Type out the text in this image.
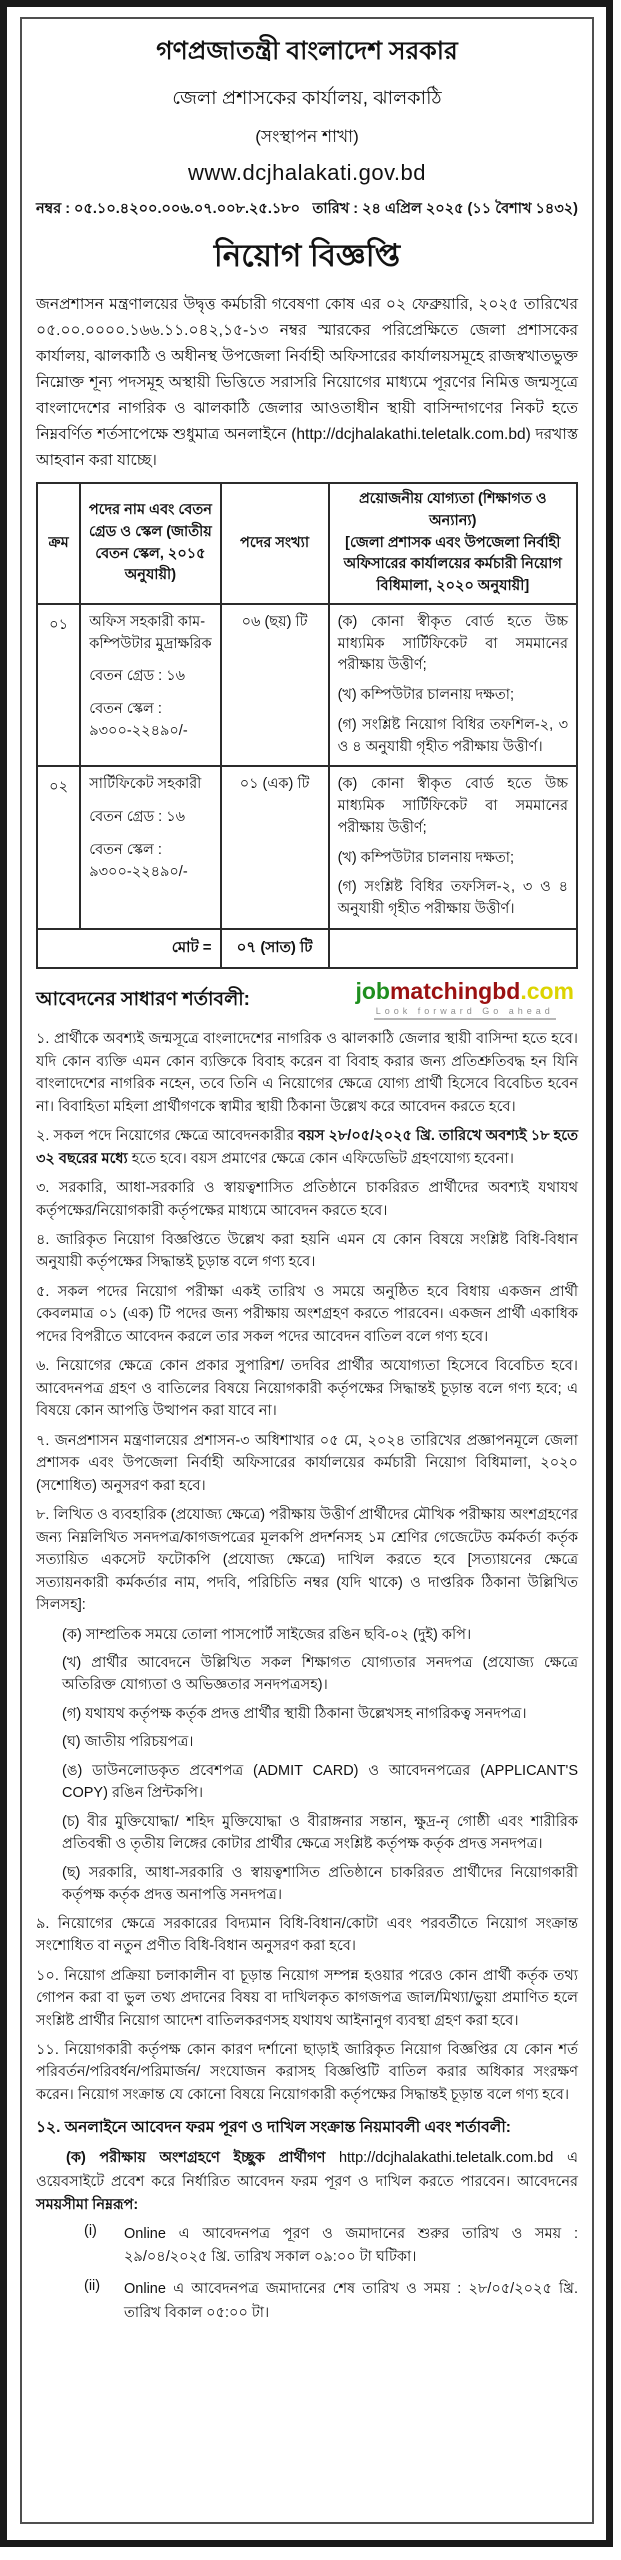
গণপ্রজাতন্ত্রী বাংলাদেশ সরকার
জেলা প্রশাসকের কার্যালয়, ঝালকাঠি
(সংস্থাপন শাখা)
www.dcjhalakati.gov.bd
নম্বর : ০৫.১০.৪২০০.০০৬.০৭.০০৮.২৫.১৮০ তারিখ : ২৪ এপ্রিল ২০২৫ (১১ বৈশাখ ১৪৩২)
নিয়োগ বিজ্ঞপ্তি
জনপ্রশাসন মন্ত্রণালয়ের উদ্বৃত্ত কর্মচারী গবেষণা কোষ এর ০২ ফেব্রুয়ারি, ২০২৫ তারিখের ০৫.০০.০০০০.১৬৬.১১.০৪২,১৫-১৩ নম্বর স্মারকের পরিপ্রেক্ষিতে জেলা প্রশাসকের কার্যালয়, ঝালকাঠি ও অধীনস্থ উপজেলা নির্বাহী অফিসারের কার্যালয়সমূহে রাজস্বখাতভুক্ত নিম্নোক্ত শূন্য পদসমূহ অস্থায়ী ভিত্তিতে সরাসরি নিয়োগের মাধ্যমে পূরণের নিমিত্ত জন্মসূত্রে বাংলাদেশের নাগরিক ও ঝালকাঠি জেলার আওতাধীন স্থায়ী বাসিন্দাগণের নিকট হতে নিম্নবর্ণিত শর্তসাপেক্ষে শুধুমাত্র অনলাইনে (http://dcjhalakathi.teletalk.com.bd) দরখাস্ত আহবান করা যাচ্ছে।
ক্রম	পদের নাম এবং বেতন গ্রেড ও স্কেল (জাতীয় বেতন স্কেল, ২০১৫ অনুযায়ী)	পদের সংখ্যা	প্রয়োজনীয় যোগ্যতা (শিক্ষাগত ও অন্যান্য)
[জেলা প্রশাসক এবং উপজেলা নির্বাহী অফিসারের কার্যালয়ের কর্মচারী নিয়োগ বিধিমালা, ২০২০ অনুযায়ী]

০১	অফিস সহকারী কাম-কম্পিউটার মুদ্রাক্ষরিক
বেতন গ্রেড : ১৬
বেতন স্কেল : ৯৩০০-২২৪৯০/-
	০৬ (ছয়) টি	(ক) কোনা স্বীকৃত বোর্ড হতে উচ্চ মাধ্যমিক সার্টিফিকেট বা সমমানের পরীক্ষায় উত্তীর্ণ;
(খ) কম্পিউটার চালনায় দক্ষতা;
(গ) সংশ্লিষ্ট নিয়োগ বিধির তফশিল-২, ৩ ও ৪ অনুযায়ী গৃহীত পরীক্ষায় উত্তীর্ণ।

০২	সার্টিফিকেট সহকারী
বেতন গ্রেড : ১৬
বেতন স্কেল : ৯৩০০-২২৪৯০/-
	০১ (এক) টি	(ক) কোনা স্বীকৃত বোর্ড হতে উচ্চ মাধ্যমিক সার্টিফিকেট বা সমমানের পরীক্ষায় উত্তীর্ণ;
(খ) কম্পিউটার চালনায় দক্ষতা;
(গ) সংশ্লিষ্ট বিধির তফসিল-২, ৩ ও ৪ অনুযায়ী গৃহীত পরীক্ষায় উত্তীর্ণ।

মোট =		০৭ (সাত) টি	
আবেদনের সাধারণ শর্তাবলী:	jobmatchingbd.com
Look forward Go ahead
১. প্রার্থীকে অবশ্যই জন্মসূত্রে বাংলাদেশের নাগরিক ও ঝালকাঠি জেলার স্থায়ী বাসিন্দা হতে হবে। যদি কোন ব্যক্তি এমন কোন ব্যক্তিকে বিবাহ করেন বা বিবাহ করার জন্য প্রতিশ্রুতিবদ্ধ হন যিনি বাংলাদেশের নাগরিক নহেন, তবে তিনি এ নিয়োগের ক্ষেত্রে যোগ্য প্রার্থী হিসেবে বিবেচিত হবেন না। বিবাহিতা মহিলা প্রার্থীগণকে স্বামীর স্থায়ী ঠিকানা উল্লেখ করে আবেদন করতে হবে।
২. সকল পদে নিয়োগের ক্ষেত্রে আবেদনকারীর বয়স ২৮/০৫/২০২৫ খ্রি. তারিখে অবশ্যই ১৮ হতে ৩২ বছরের মধ্যে হতে হবে। বয়স প্রমাণের ক্ষেত্রে কোন এফিডেভিট গ্রহণযোগ্য হবেনা।
৩. সরকারি, আধা-সরকারি ও স্বায়ত্বশাসিত প্রতিষ্ঠানে চাকরিরত প্রার্থীদের অবশ্যই যথাযথ কর্তৃপক্ষের/নিয়োগকারী কর্তৃপক্ষের মাধ্যমে আবেদন করতে হবে।
৪. জারিকৃত নিয়োগ বিজ্ঞপ্তিতে উল্লেখ করা হয়নি এমন যে কোন বিষয়ে সংশ্লিষ্ট বিধি-বিধান অনুযায়ী কর্তৃপক্ষের সিদ্ধান্তই চূড়ান্ত বলে গণ্য হবে।
৫. সকল পদের নিয়োগ পরীক্ষা একই তারিখ ও সময়ে অনুষ্ঠিত হবে বিধায় একজন প্রার্থী কেবলমাত্র ০১ (এক) টি পদের জন্য পরীক্ষায় অংশগ্রহণ করতে পারবেন। একজন প্রার্থী একাধিক পদের বিপরীতে আবেদন করলে তার সকল পদের আবেদন বাতিল বলে গণ্য হবে।
৬. নিয়োগের ক্ষেত্রে কোন প্রকার সুপারিশ/ তদবির প্রার্থীর অযোগ্যতা হিসেবে বিবেচিত হবে। আবেদনপত্র গ্রহণ ও বাতিলের বিষয়ে নিয়োগকারী কর্তৃপক্ষের সিদ্ধান্তই চূড়ান্ত বলে গণ্য হবে; এ বিষয়ে কোন আপত্তি উত্থাপন করা যাবে না।
৭. জনপ্রশাসন মন্ত্রণালয়ের প্রশাসন-৩ অধিশাখার ০৫ মে, ২০২৪ তারিখের প্রজ্ঞাপনমূলে জেলা প্রশাসক এবং উপজেলা নির্বাহী অফিসারের কার্যালয়ের কর্মচারী নিয়োগ বিধিমালা, ২০২০ (সশোধিত) অনুসরণ করা হবে।
৮. লিখিত ও ব্যবহারিক (প্রযোজ্য ক্ষেত্রে) পরীক্ষায় উত্তীর্ণ প্রার্থীদের মৌখিক পরীক্ষায় অংশগ্রহণের জন্য নিম্নলিখিত সনদপত্র/কাগজপত্রের মূলকপি প্রদর্শনসহ ১ম শ্রেণির গেজেটেড কর্মকর্তা কর্তৃক সত্যায়িত একসেট ফটোকপি (প্রযোজ্য ক্ষেত্রে) দাখিল করতে হবে [সত্যায়নের ক্ষেত্রে সত্যায়নকারী কর্মকর্তার নাম, পদবি, পরিচিতি নম্বর (যদি থাকে) ও দাপ্তরিক ঠিকানা উল্লিখিত সিলসহ]:
(ক) সাম্প্রতিক সময়ে তোলা পাসপোর্ট সাইজের রঙিন ছবি-০২ (দুই) কপি।
(খ) প্রার্থীর আবেদনে উল্লিখিত সকল শিক্ষাগত যোগ্যতার সনদপত্র (প্রযোজ্য ক্ষেত্রে অতিরিক্ত যোগ্যতা ও অভিজ্ঞতার সনদপত্রসহ)।
(গ) যথাযথ কর্তৃপক্ষ কর্তৃক প্রদত্ত প্রার্থীর স্থায়ী ঠিকানা উল্লেখসহ নাগরিকত্ব সনদপত্র।
(ঘ) জাতীয় পরিচয়পত্র।
(ঙ) ডাউনলোডকৃত প্রবেশপত্র (ADMIT CARD) ও আবেদনপত্রের (APPLICANT'S COPY) রঙিন প্রিন্টকপি।
(চ) বীর মুক্তিযোদ্ধা/ শহিদ মুক্তিযোদ্ধা ও বীরাঙ্গনার সন্তান, ক্ষুদ্র-নৃ গোষ্ঠী এবং শারীরিক প্রতিবন্ধী ও তৃতীয় লিঙ্গের কোটার প্রার্থীর ক্ষেত্রে সংশ্লিষ্ট কর্তৃপক্ষ কর্তৃক প্রদত্ত সনদপত্র।
(ছ) সরকারি, আধা-সরকারি ও স্বায়ত্বশাসিত প্রতিষ্ঠানে চাকরিরত প্রার্থীদের নিয়োগকারী কর্তৃপক্ষ কর্তৃক প্রদত্ত অনাপত্তি সনদপত্র।
৯. নিয়োগের ক্ষেত্রে সরকারের বিদ্যমান বিধি-বিধান/কোটা এবং পরবর্তীতে নিয়োগ সংক্রান্ত সংশোধিত বা নতুন প্রণীত বিধি-বিধান অনুসরণ করা হবে।
১০. নিয়োগ প্রক্রিয়া চলাকালীন বা চূড়ান্ত নিয়োগ সম্পন্ন হওয়ার পরেও কোন প্রার্থী কর্তৃক তথ্য গোপন করা বা ভুল তথ্য প্রদানের বিষয় বা দাখিলকৃত কাগজপত্র জাল/মিথ্যা/ভুয়া প্রমাণিত হলে সংশ্লিষ্ট প্রার্থীর নিয়োগ আদেশ বাতিলকরণসহ যথাযথ আইনানুগ ব্যবস্থা গ্রহণ করা হবে।
১১. নিয়োগকারী কর্তৃপক্ষ কোন কারণ দর্শানো ছাড়াই জারিকৃত নিয়োগ বিজ্ঞপ্তির যে কোন শর্ত পরিবর্তন/পরিবর্ধন/পরিমার্জন/ সংযোজন করাসহ বিজ্ঞপ্তিটি বাতিল করার অধিকার সংরক্ষণ করেন। নিয়োগ সংক্রান্ত যে কোনো বিষয়ে নিয়োগকারী কর্তৃপক্ষের সিদ্ধান্তই চূড়ান্ত বলে গণ্য হবে।
১২. অনলাইনে আবেদন ফরম পূরণ ও দাখিল সংক্রান্ত নিয়মাবলী এবং শর্তাবলী:
(ক) পরীক্ষায় অংশগ্রহণে ইচ্ছুক প্রার্থীগণ http://dcjhalakathi.teletalk.com.bd এ ওয়েবসাইটে প্রবেশ করে নির্ধারিত আবেদন ফরম পূরণ ও দাখিল করতে পারবেন। আবেদনের সময়সীমা নিম্নরূপ:
(i)	Online এ আবেদনপত্র পূরণ ও জমাদানের শুরুর তারিখ ও সময় : ২৯/০৪/২০২৫ খ্রি. তারিখ সকাল ০৯:০০ টা ঘটিকা।
(ii)	Online এ আবেদনপত্র জমাদানের শেষ তারিখ ও সময় : ২৮/০৫/২০২৫ খ্রি. তারিখ বিকাল ০৫:০০ টা।
